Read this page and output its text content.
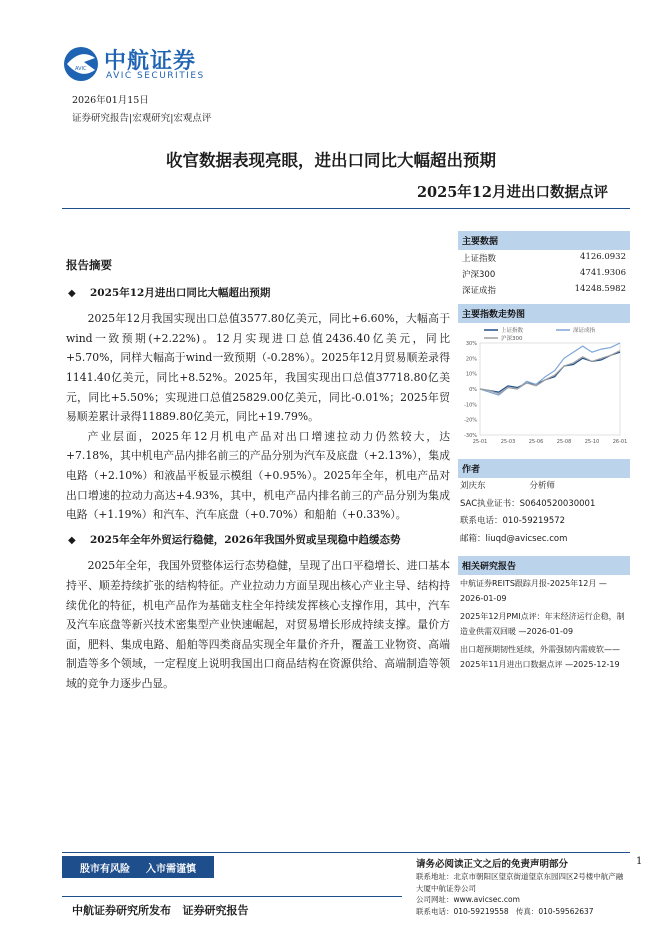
AVIC 中航证券
AVIC SECURITIES
2026年01月15日
证券研究报告|宏观研究|宏观点评
收官数据表现亮眼，进出口同比大幅超出预期
2025年12月进出口数据点评
报告摘要
◆ 2025年12月进出口同比大幅超出预期

2025年12月我国实现出口总值3577.80亿美元，同比+6.60%，大幅高于wind一致预期(+2.22%)。12月实现进口总值2436.40亿美元，同比+5.70%，同样大幅高于wind一致预期（-0.28%）。2025年12月贸易顺差录得1141.40亿美元，同比+8.52%。2025年，我国实现出口总值37718.80亿美元，同比+5.50%；实现进口总值25829.00亿美元，同比-0.01%；2025年贸易顺差累计录得11889.80亿美元，同比+19.79%。

产业层面，2025年12月机电产品对出口增速拉动力仍然较大，达+7.18%，其中机电产品内排名前三的产品分别为汽车及底盘（+2.13%），集成电路（+2.10%）和液晶平板显示模组（+0.95%）。2025年全年，机电产品对出口增速的拉动力高达+4.93%，其中，机电产品内排名前三的产品分别为集成电路（+1.19%）和汽车、汽车底盘（+0.70%）和船舶（+0.33%）。

◆ 2025年全年外贸运行稳健，2026年我国外贸或呈现稳中趋缓态势

2025年全年，我国外贸整体运行态势稳健，呈现了出口平稳增长、进口基本持平、顺差持续扩张的结构特征。产业拉动力方面呈现出核心产业主导、结构持续优化的特征，机电产品作为基础支柱全年持续发挥核心支撑作用，其中，汽车及汽车底盘等新兴技术密集型产业快速崛起，对贸易增长形成持续支撑。量价方面，肥料、集成电路、船舶等四类商品实现全年量价齐升，覆盖工业物资、高端制造等多个领域，一定程度上说明我国出口商品结构在资源供给、高端制造等领域的竞争力逐步凸显。

主要数据
上证指数	4126.0932
沪深300	4741.9306
深证成指	14248.5982
主要指数走势图
30%
20%
10%
0%
-10%
-20%
-30%
25-01	25-03	25-06	25-08	25-10	26-01
上证指数	深证成指
沪深300
作者
刘庆东	分析师
SAC执业证书：S0640520030001
联系电话：010-59219572
邮箱：liuqd@avicsec.com
相关研究报告
中航证券REITS跟踪月报-2025年12月 —2026-01-09
2025年12月PMI点评：年末经济运行企稳，制造业供需双回暖 —2026-01-09
出口超预期韧性延续，外需强韧内需疲软——2025年11月进出口数据点评 —2025-12-19
股市有风险 入市需谨慎	请务必阅读正文之后的免责声明部分	1
联系地址：北京市朝阳区望京街道望京东园四区2号楼中航产融大厦中航证券公司
公司网址：www.avicsec.com
联系电话：010-59219558 传真：010-59562637
中航证券研究所发布 证券研究报告
